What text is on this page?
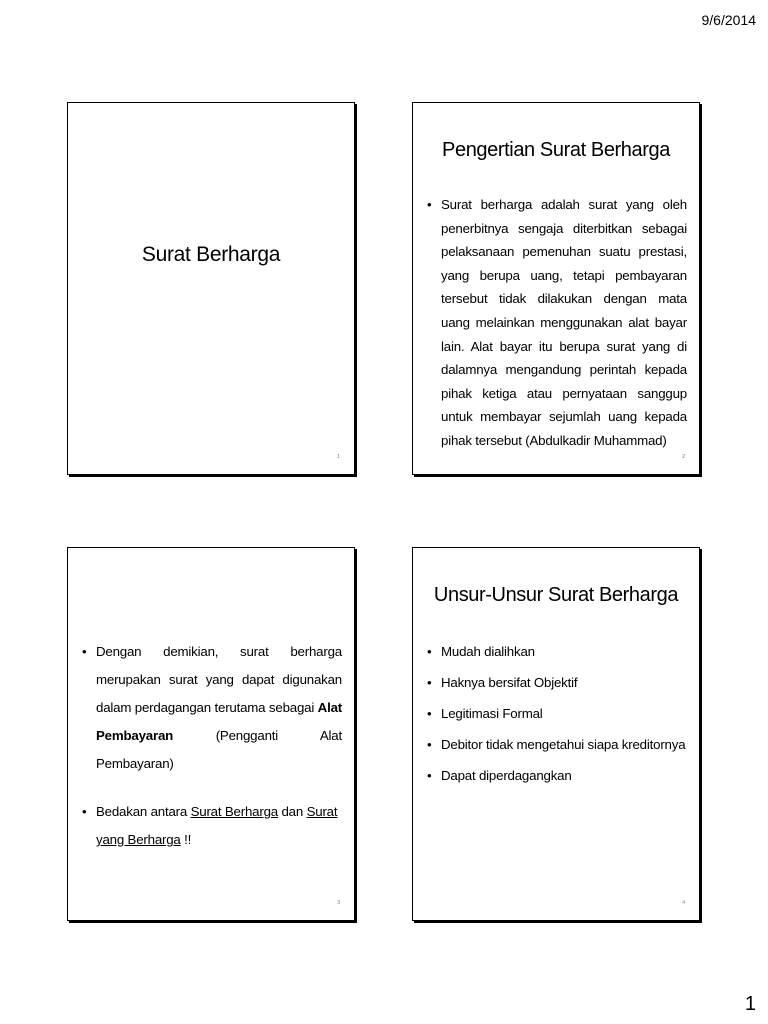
9/6/2014
Surat Berharga
1
Pengertian Surat Berharga
• Surat berharga adalah surat yang oleh penerbitnya sengaja diterbitkan sebagai pelaksanaan pemenuhan suatu prestasi, yang berupa uang, tetapi pembayaran tersebut tidak dilakukan dengan mata uang melainkan menggunakan alat bayar lain. Alat bayar itu berupa surat yang di dalamnya mengandung perintah kepada pihak ketiga atau pernyataan sanggup untuk membayar sejumlah uang kepada pihak tersebut (Abdulkadir Muhammad)
2
• Dengan demikian, surat berharga merupakan surat yang dapat digunakan dalam perdagangan terutama sebagai Alat Pembayaran	(Pengganti Alat Pembayaran)
• Bedakan antara Surat Berharga dan Surat yang Berharga !!
3
Unsur-Unsur Surat Berharga
• Mudah dialihkan
• Haknya bersifat Objektif
• Legitimasi Formal
• Debitor tidak mengetahui siapa kreditornya
• Dapat diperdagangkan
4
1
